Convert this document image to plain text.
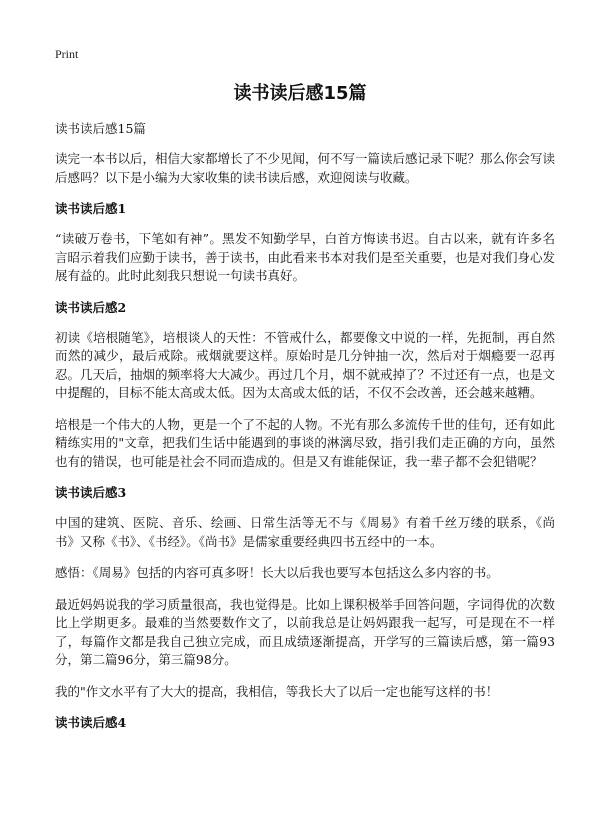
Print
读书读后感15篇

读书读后感15篇

读完一本书以后，相信大家都增长了不少见闻，何不写一篇读后感记录下呢？那么你会写读后感吗？以下是小编为大家收集的读书读后感，欢迎阅读与收藏。

读书读后感1

“读破万卷书，下笔如有神”。黑发不知勤学早，白首方悔读书迟。自古以来，就有许多名言昭示着我们应勤于读书，善于读书，由此看来书本对我们是至关重要，也是对我们身心发展有益的。此时此刻我只想说一句读书真好。

读书读后感2

初读《培根随笔》，培根谈人的天性：不管戒什么，都要像文中说的一样，先扼制，再自然而然的减少，最后戒除。戒烟就要这样。原始时是几分钟抽一次，然后对于烟瘾要一忍再忍。几天后，抽烟的频率将大大减少。再过几个月，烟不就戒掉了？不过还有一点，也是文中提醒的，目标不能太高或太低。因为太高或太低的话，不仅不会改善，还会越来越糟。

培根是一个伟大的人物，更是一个了不起的人物。不光有那么多流传千世的佳句，还有如此精练实用的"文章，把我们生话中能遇到的事谈的淋漓尽致，指引我们走正确的方向，虽然也有的错误，也可能是社会不同而造成的。但是又有谁能保证，我一辈子都不会犯错呢？

读书读后感3

中国的建筑、医院、音乐、绘画、日常生活等无不与《周易》有着千丝万缕的联系，《尚书》又称《书》、《书经》。《尚书》是儒家重要经典四书五经中的一本。

感悟：《周易》包括的内容可真多呀！长大以后我也要写本包括这么多内容的书。

最近妈妈说我的学习质量很高，我也觉得是。比如上课积极举手回答问题，字词得优的次数比上学期更多。最难的当然要数作文了，以前我总是让妈妈跟我一起写，可是现在不一样了，每篇作文都是我自己独立完成，而且成绩逐渐提高，开学写的三篇读后感，第一篇93分，第二篇96分，第三篇98分。

我的"作文水平有了大大的提高，我相信，等我长大了以后一定也能写这样的书！

读书读后感4
